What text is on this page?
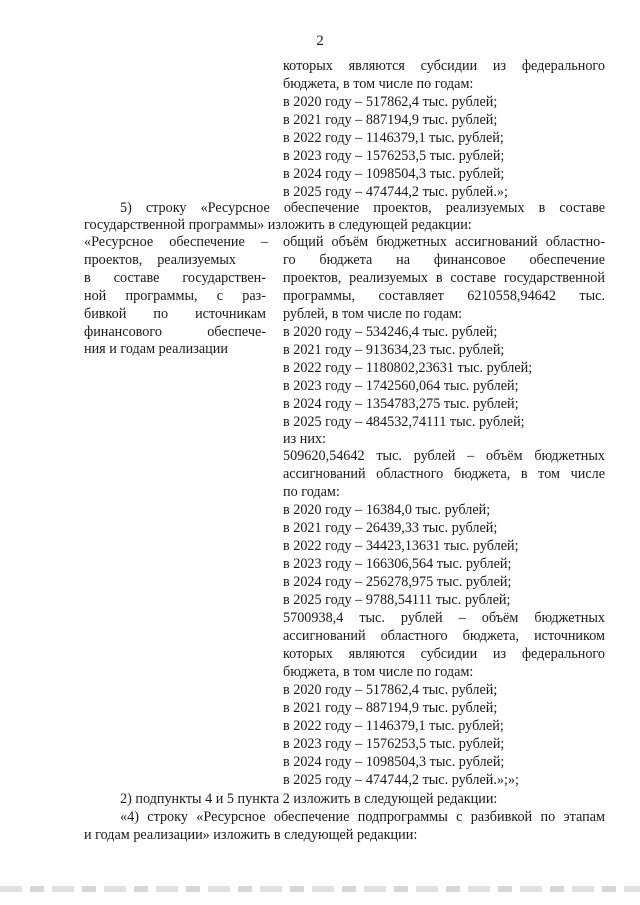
2
которых являются субсидии из федерального
бюджета, в том числе по годам:
в 2020 году – 517862,4 тыс. рублей;
в 2021 году – 887194,9 тыс. рублей;
в 2022 году – 1146379,1 тыс. рублей;
в 2023 году – 1576253,5 тыс. рублей;
в 2024 году – 1098504,3 тыс. рублей;
в 2025 году – 474744,2 тыс. рублей.»;
5) строку «Ресурсное обеспечение проектов, реализуемых в составе
государственной программы» изложить в следующей редакции:
«Ресурсное обеспечение –
проектов, реализуемых
в составе государствен-
ной программы, с раз-
бивкой по источникам
финансового обеспече-
ния и годам реализации
общий объём бюджетных ассигнований областно-
го бюджета на финансовое обеспечение
проектов, реализуемых в составе государственной
программы, составляет 6210558,94642 тыс.
рублей, в том числе по годам:
в 2020 году – 534246,4 тыс. рублей;
в 2021 году – 913634,23 тыс. рублей;
в 2022 году – 1180802,23631 тыс. рублей;
в 2023 году – 1742560,064 тыс. рублей;
в 2024 году – 1354783,275 тыс. рублей;
в 2025 году – 484532,74111 тыс. рублей;
из них:
509620,54642 тыс. рублей – объём бюджетных
ассигнований областного бюджета, в том числе
по годам:
в 2020 году – 16384,0 тыс. рублей;
в 2021 году – 26439,33 тыс. рублей;
в 2022 году – 34423,13631 тыс. рублей;
в 2023 году – 166306,564 тыс. рублей;
в 2024 году – 256278,975 тыс. рублей;
в 2025 году – 9788,54111 тыс. рублей;
5700938,4 тыс. рублей – объём бюджетных
ассигнований областного бюджета, источником
которых являются субсидии из федерального
бюджета, в том числе по годам:
в 2020 году – 517862,4 тыс. рублей;
в 2021 году – 887194,9 тыс. рублей;
в 2022 году – 1146379,1 тыс. рублей;
в 2023 году – 1576253,5 тыс. рублей;
в 2024 году – 1098504,3 тыс. рублей;
в 2025 году – 474744,2 тыс. рублей.»;»;
2) подпункты 4 и 5 пункта 2 изложить в следующей редакции:
«4) строку «Ресурсное обеспечение подпрограммы с разбивкой по этапам
и годам реализации» изложить в следующей редакции:
